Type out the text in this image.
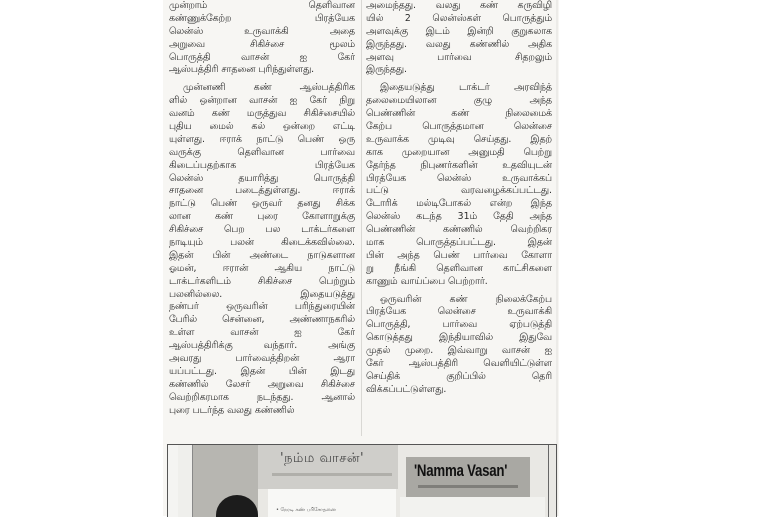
முன்றாம் தெளிவான
கண்ணுக்கேற்ற பிரத்யேக
லென்ஸ் உருவாக்கி அதை
அறுவை சிகிச்சை மூலம்
பொருத்தி வாசன் ஐ கேர்
ஆஸ்பத்திரி சாதனை புரிந்துள்ளது.
முன்னணி கண் ஆஸ்பத்திரிக
ளில் ஒன்றான வாசன் ஐ கேர் நிறு
வனம் கண் மருத்துவ சிகிச்சையில்
புதிய மைல் கல் ஒன்றை எட்டி
யுள்ளது. ஈராக் நாட்டு பெண் ஒரு
வருக்கு தெளிவான பார்வை
கிடைப்பதற்காக பிரத்யேக
லென்ஸ் தயாரித்து பொருத்தி
சாதனை படைத்துள்ளது. ஈராக்
நாட்டு பெண் ஒருவர் தனது சிக்க
லான கண் புரை கோளாறுக்கு
சிகிச்சை பெற பல டாக்டர்களை
நாடியும் பலன் கிடைக்கவில்லை.
இதன் பின் அண்டை நாடுகளான
ஓமன், ஈரான் ஆகிய நாட்டு
டாக்டர்களிடம் சிகிச்சை பெற்றும்
பலனில்லை. இதையடுத்து
நண்பர் ஒருவரின் பரிந்துரையின்
பேரில் சென்னை, அண்ணாநகரில்
உள்ள வாசன் ஐ கேர்
ஆஸ்பத்திரிக்கு வந்தார். அங்கு
அவரது பார்வைத்திறன் ஆரா
யப்பட்டது. இதன் பின் இடது
கண்ணில் லேசர் அறுவை சிகிச்சை
வெற்றிகரமாக நடந்தது. ஆனால்
புரை படர்ந்த வலது கண்ணில்
அமைந்தது. வலது கண் கருவிழி
யில் 2 லென்ஸ்கள் பொருத்தும்
அளவுக்கு இடம் இன்றி குறுகலாக
இருந்தது. வலது கண்ணில் அதிக
அளவு பார்வை சிதறலும்
இருந்தது.
இதையடுத்து டாக்டர் அரவிந்த்
தலைமையிலான குழு அந்த
பெண்ணின் கண் நிலைமைக்
கேற்ப பொருத்தமான லென்சை
உருவாக்க முடிவு செய்தது. இதற்
காக முறையான அனுமதி பெற்று
தேர்ந்த நிபுணர்களின் உதவியுடன்
பிரத்யேக லென்ஸ் உருவாக்கப்
பட்டு வரவழைக்கப்பட்டது.
டோரிக் மல்டிபோகல் என்ற இந்த
லென்ஸ் கடந்த 31ம் தேதி அந்த
பெண்ணின் கண்ணில் வெற்றிகர
மாக பொருத்தப்பட்டது. இதன்
பின் அந்த பெண் பார்வை கோளா
று நீங்கி தெளிவான காட்சிகளை
காணும் வாய்ப்பை பெற்றார்.
ஒருவரின் கண் நிலைக்கேற்ப
பிரத்யேக லென்சை உருவாக்கி
பொருத்தி, பார்வை ஏற்படுத்தி
கொடுத்தது இந்தியாவில் இதுவே
முதல் முறை. இவ்வாறு வாசன் ஐ
கேர் ஆஸ்பத்திரி வெளியிட்டுள்ள
செய்திக் குறிப்பில் தெரி
விக்கப்பட்டுள்ளது.
'நம்ம வாசன்'
• நேரடி கண் பரிசோதனை
'Namma Vasan'
